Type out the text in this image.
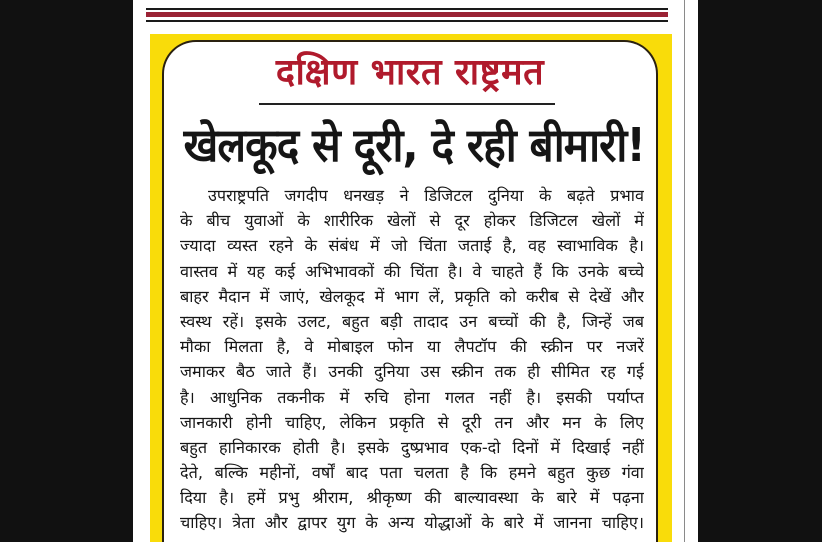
दक्षिण भारत राष्ट्रमत
खेलकूद से दूरी, दे रही बीमारी!
उपराष्ट्रपति जगदीप धनखड़ ने डिजिटल दुनिया के बढ़ते प्रभाव
के बीच युवाओं के शारीरिक खेलों से दूर होकर डिजिटल खेलों में
ज्यादा व्यस्त रहने के संबंध में जो चिंता जताई है, वह स्वाभाविक है।
वास्तव में यह कई अभिभावकों की चिंता है। वे चाहते हैं कि उनके बच्चे
बाहर मैदान में जाएं, खेलकूद में भाग लें, प्रकृति को करीब से देखें और
स्वस्थ रहें। इसके उलट, बहुत बड़ी तादाद उन बच्चों की है, जिन्हें जब
मौका मिलता है, वे मोबाइल फोन या लैपटॉप की स्क्रीन पर नजरें
जमाकर बैठ जाते हैं। उनकी दुनिया उस स्क्रीन तक ही सीमित रह गई
है। आधुनिक तकनीक में रुचि होना गलत नहीं है। इसकी पर्याप्त
जानकारी होनी चाहिए, लेकिन प्रकृति से दूरी तन और मन के लिए
बहुत हानिकारक होती है। इसके दुष्प्रभाव एक-दो दिनों में दिखाई नहीं
देते, बल्कि महीनों, वर्षों बाद पता चलता है कि हमने बहुत कुछ गंवा
दिया है। हमें प्रभु श्रीराम, श्रीकृष्ण की बाल्यावस्था के बारे में पढ़ना
चाहिए। त्रेता और द्वापर युग के अन्य योद्धाओं के बारे में जानना चाहिए।
